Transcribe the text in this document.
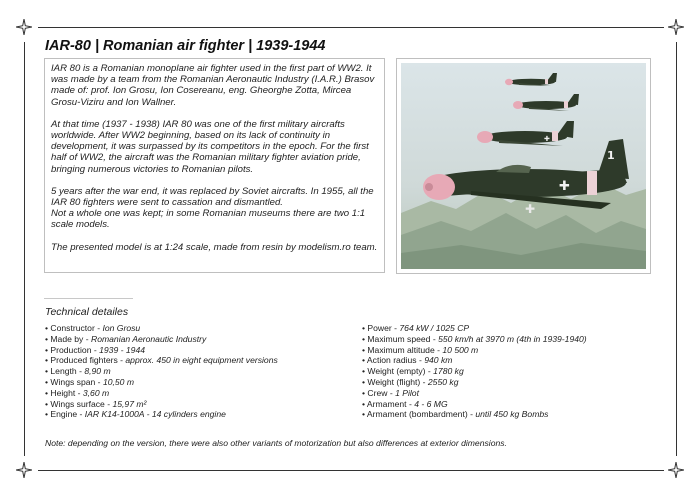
IAR-80 | Romanian air fighter | 1939-1944

IAR 80 is a Romanian monoplane air fighter used in the first part of WW2. It was made by a team from the Romanian Aeronautic Industry (I.A.R.) Brasov made of: prof. Ion Grosu, Ion Cosereanu, eng. Gheorghe Zotta, Mircea Grosu-Viziru and Ion Wallner.

At that time (1937 - 1938) IAR 80 was one of the first military aircrafts worldwide. After WW2 beginning, based on its lack of continuity in development, it was surpassed by its competitors in the epoch. For the first half of WW2, the aircraft was the Romanian military fighter aviation pride, bringing numerous victories to Romanian pilots.

5 years after the war end, it was replaced by Soviet aircrafts. In 1955, all the IAR 80 fighters were sent to cassation and dismantled.

Not a whole one was kept; in some Romanian museums there are two 1:1 scale models.

The presented model is at 1:24 scale, made from resin by modelism.ro team.

✚
1
✚
✚
Technical detailes
• Constructor - Ion Grosu
• Made by - Romanian Aeronautic Industry
• Production - 1939 - 1944
• Produced fighters - approx. 450 in eight equipment versions
• Length - 8,90 m
• Wings span - 10,50 m
• Height - 3,60 m
• Wings surface - 15,97 m²
• Engine - IAR K14-1000A - 14 cylinders engine
• Power - 764 kW / 1025 CP
• Maximum speed - 550 km/h at 3970 m (4th in 1939-1940)
• Maximum altitude - 10 500 m
• Action radius - 940 km
• Weight (empty) - 1780 kg
• Weight (flight) - 2550 kg
• Crew - 1 Pilot
• Armament - 4 - 6 MG
• Armament (bombardment) - until 450 kg Bombs
Note: depending on the version, there were also other variants of motorization but also differences at exterior dimensions.
